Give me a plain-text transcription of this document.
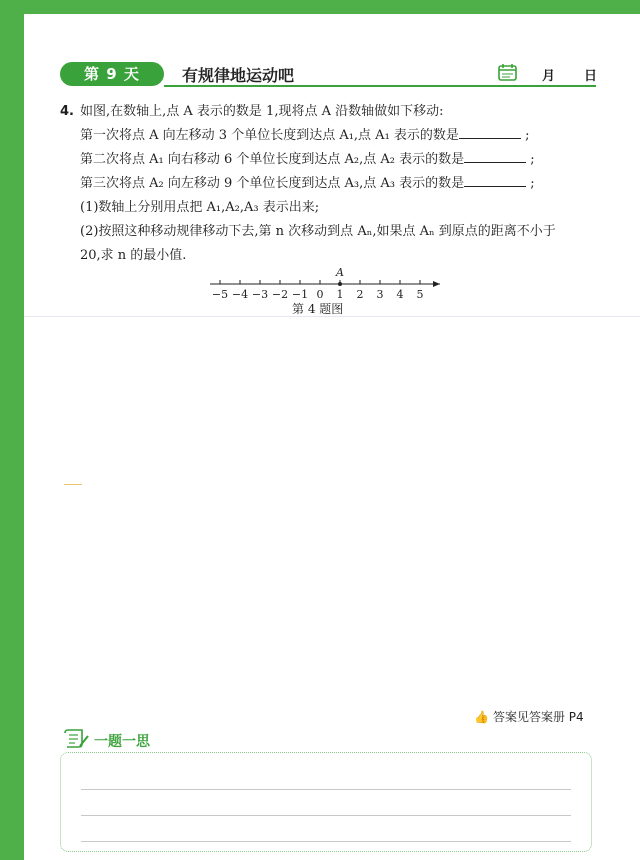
第 9 天	有规律地运动吧	月 日
4. 如图,在数轴上,点 A 表示的数是 1,现将点 A 沿数轴做如下移动:
第一次将点 A 向左移动 3 个单位长度到达点 A₁,点 A₁ 表示的数是	;
第二次将点 A₁ 向右移动 6 个单位长度到达点 A₂,点 A₂ 表示的数是	;
第三次将点 A₂ 向左移动 9 个单位长度到达点 A₃,点 A₃ 表示的数是	;
(1)数轴上分别用点把 A₁,A₂,A₃ 表示出来;
(2)按照这种移动规律移动下去,第 n 次移动到点 Aₙ,如果点 Aₙ 到原点的距离不小于
20,求 n 的最小值.
−5 −4 −3 −2 −1 0 1 2 3 4 5
A
第 4 题图
👍 答案见答案册 P4
一题一思
